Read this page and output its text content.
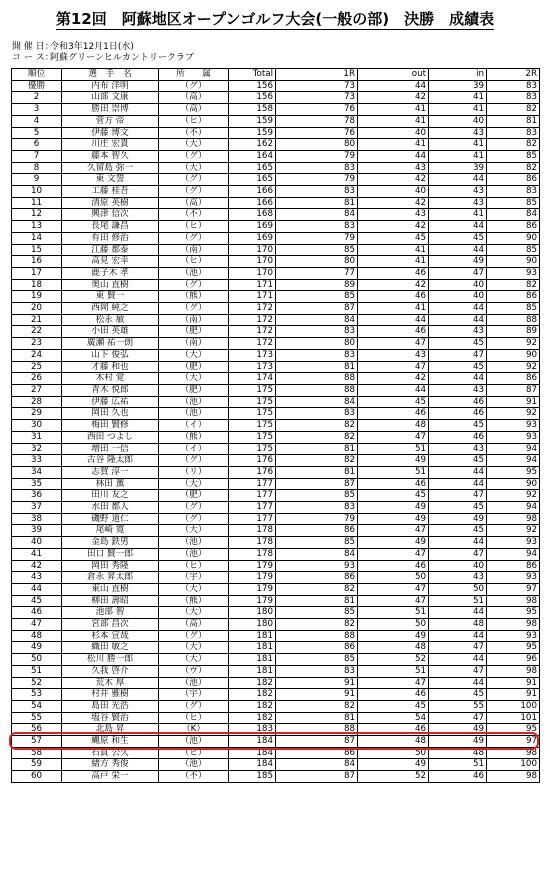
第12回　阿蘇地区オープンゴルフ大会(一般の部)　決勝　成績表
開 催 日：令和3年12月1日(水)
コ ー ス：阿蘇グリーンヒルカントリークラブ
順位	選　手　名	所　　属	Total	1R	out	in	2R
優勝	内布 洋明	（グ）	156	73	44	39	83
2	山部 文康	（高）	156	73	42	41	83
3	勝田 崇博	（高）	158	76	41	41	82
4	菅方 帝	（ヒ）	159	78	41	40	81
5	伊藤 博文	（不）	159	76	40	43	83
6	川庄 宏貴	（大）	162	80	41	41	82
7	藤本 智久	（グ）	164	79	44	41	85
8	久留島 弥一	（大）	165	83	43	39	82
9	東 文誓	（グ）	165	79	42	44	86
10	工藤 桂吾	（グ）	166	83	40	43	83
11	清原 英樹	（高）	166	81	42	43	85
12	興津 信次	（不）	168	84	43	41	84
13	長尾 謙昌	（ヒ）	169	83	42	44	86
14	有田 修治	（グ）	169	79	45	45	90
15	江藤 都泰	（南）	170	85	41	44	85
16	高見 宏幸	（ヒ）	170	80	41	49	90
17	鹿子木 孝	（池）	170	77	46	47	93
18	奥山 直樹	（グ）	171	89	42	40	82
19	東 賢一	（熊）	171	85	46	40	86
20	西岡 純之	（グ）	172	87	41	44	85
21	松永 敏	（南）	172	84	44	44	88
22	小田 英雄	（肥）	172	83	46	43	89
23	廣瀬 祐一朗	（南）	172	80	47	45	92
24	山下 俊弘	（大）	173	83	43	47	90
25	才藤 和也	（肥）	173	81	47	45	92
26	木村 覚	（大）	174	88	42	44	86
27	青木 悦郎	（肥）	175	88	44	43	87
28	伊藤 広祐	（池）	175	84	45	46	91
29	岡田 久也	（池）	175	83	46	46	92
30	梅田 賢修	（イ）	175	82	48	45	93
31	西田 つよし	（熊）	175	82	47	46	93
32	増田 一信	（イ）	175	81	51	43	94
33	古谷 隆太郎	（グ）	176	82	49	45	94
34	志賀 淳一	（リ）	176	81	51	44	95
35	林田 薫	（大）	177	87	46	44	90
36	田川 友之	（肥）	177	85	45	47	92
37	水田 都人	（グ）	177	83	49	45	94
38	磯野 道仁	（グ）	177	79	49	49	98
39	尾崎 寛	（大）	178	86	47	45	92
40	金島 鉄男	（池）	178	85	49	44	93
41	田口 賢一郎	（池）	178	84	47	47	94
42	岡田 秀隆	（ヒ）	179	93	46	40	86
43	倉永 昇太郎	（宇）	179	86	50	43	93
44	東山 直樹	（大）	179	82	47	50	97
45	柳田 壽昭	（熊）	179	81	47	51	98
46	池部 智	（大）	180	85	51	44	95
47	宮部 昌次	（高）	180	82	50	48	98
48	杉本 宣哉	（グ）	181	88	49	44	93
49	織田 敏之	（大）	181	86	48	47	95
50	松川 勝一郎	（大）	181	85	52	44	96
51	久我 啓介	（ヴ）	181	83	51	47	98
52	荒木 厚	（池）	182	91	47	44	91
53	村井 雅樹	（宇）	182	91	46	45	91
54	島田 光浩	（グ）	182	82	45	55	100
55	塩谷 賢治	（ヒ）	182	81	54	47	101
56	北島 昇	（K）	183	88	46	49	95
57	蝿原 和生	（池）	184	87	48	49	97
58	石貫 公久	（ヒ）	184	86	50	48	98
59	緒方 秀俊	（池）	184	84	49	51	100
60	高戸 栄一	（不）	185	87	52	46	98
